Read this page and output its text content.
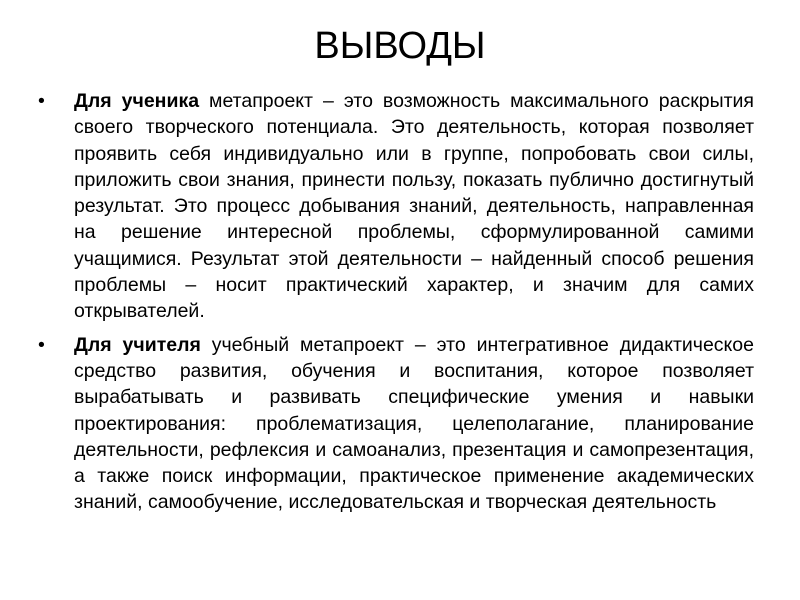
ВЫВОДЫ
• Для ученика метапроект – это возможность максимального раскрытия своего творческого потенциала. Это деятельность, которая позволяет проявить себя индивидуально или в группе, попробовать свои силы, приложить свои знания, принести пользу, показать публично достигнутый результат. Это процесс добывания знаний, деятельность, направленная на решение интересной проблемы, сформулированной самими учащимися. Результат этой деятельности – найденный способ решения проблемы – носит практический характер, и значим для самих открывателей.
• Для учителя учебный метапроект – это интегративное дидактическое средство развития, обучения и воспитания, которое позволяет вырабатывать и развивать специфические умения и навыки проектирования: проблематизация, целеполагание, планирование деятельности, рефлексия и самоанализ, презентация и самопрезентация, а также поиск информации, практическое применение академических знаний, самообучение, исследовательская и творческая деятельность
